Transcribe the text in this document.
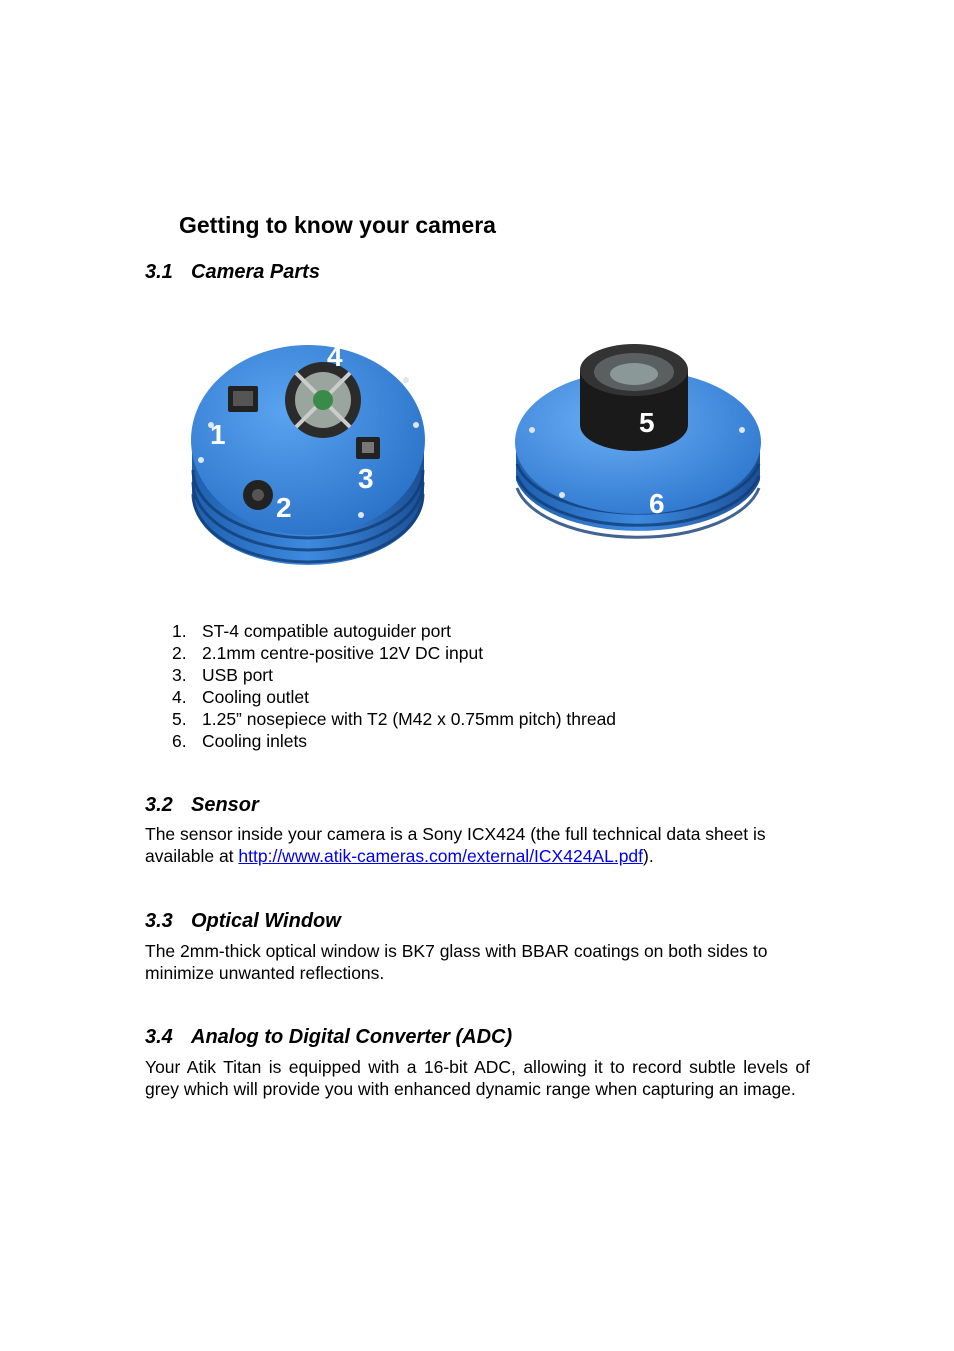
Getting to know your camera
3.1 Camera Parts
4
1
3
2
5
6
1. ST-4 compatible autoguider port
2. 2.1mm centre-positive 12V DC input
3. USB port
4. Cooling outlet
5. 1.25” nosepiece with T2 (M42 x 0.75mm pitch) thread
6. Cooling inlets
3.2 Sensor
The sensor inside your camera is a Sony ICX424 (the full technical data sheet is available at http://www.atik-cameras.com/external/ICX424AL.pdf).
3.3 Optical Window
The 2mm-thick optical window is BK7 glass with BBAR coatings on both sides to minimize unwanted reflections.
3.4 Analog to Digital Converter (ADC)
Your Atik Titan is equipped with a 16-bit ADC, allowing it to record subtle levels of grey which will provide you with enhanced dynamic range when capturing an image.
